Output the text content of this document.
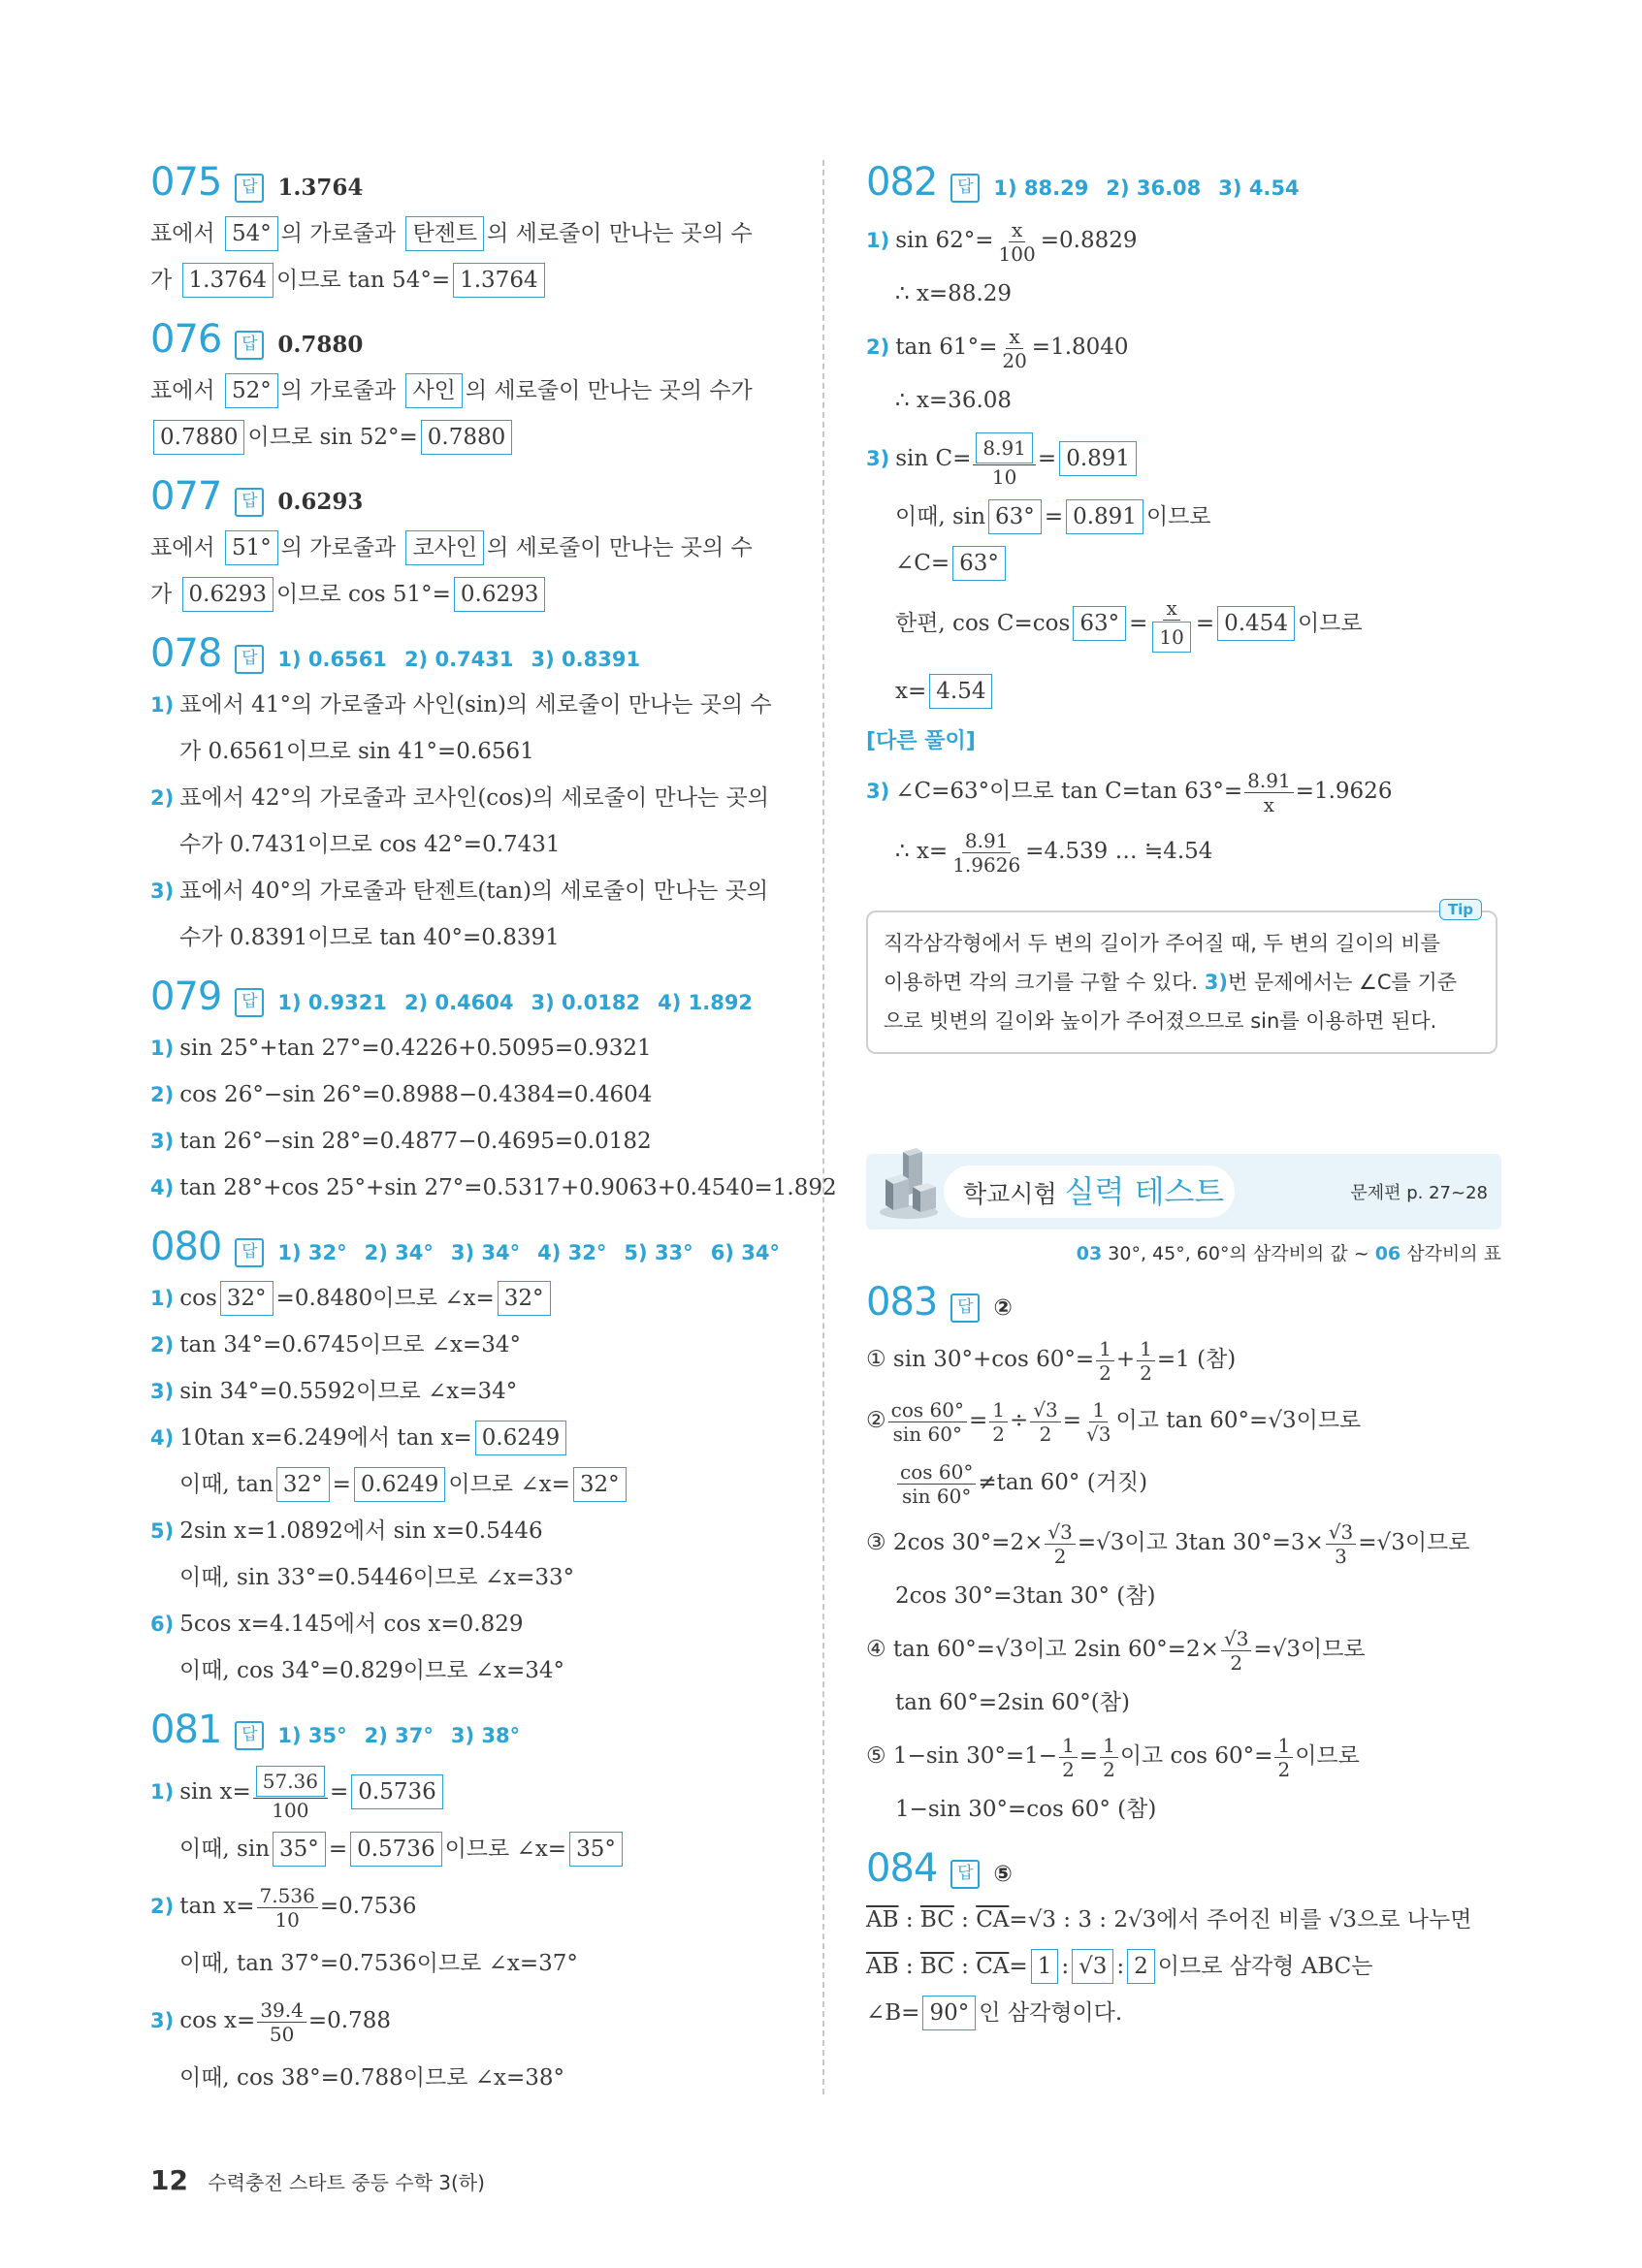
075	답 1.3764
표에서 54° 의 가로줄과 탄젠트 의 세로줄이 만나는 곳의 수
가 1.3764 이므로 tan 54°= 1.3764
076	답 0.7880
표에서 52° 의 가로줄과 사인 의 세로줄이 만나는 곳의 수가
0.7880 이므로 sin 52°= 0.7880
077	답 0.6293
표에서 51° 의 가로줄과 코사인 의 세로줄이 만나는 곳의 수
가 0.6293 이므로 cos 51°= 0.6293
078	답 1) 0.6561 2) 0.7431 3) 0.8391
1) 표에서 41°의 가로줄과 사인(sin)의 세로줄이 만나는 곳의 수
가 0.6561이므로 sin 41°=0.6561
2) 표에서 42°의 가로줄과 코사인(cos)의 세로줄이 만나는 곳의
수가 0.7431이므로 cos 42°=0.7431
3) 표에서 40°의 가로줄과 탄젠트(tan)의 세로줄이 만나는 곳의
수가 0.8391이므로 tan 40°=0.8391
079	답 1) 0.9321 2) 0.4604 3) 0.0182 4) 1.892
1) sin 25°+tan 27°=0.4226+0.5095=0.9321
2) cos 26°−sin 26°=0.8988−0.4384=0.4604
3) tan 26°−sin 28°=0.4877−0.4695=0.0182
4) tan 28°+cos 25°+sin 27°=0.5317+0.9063+0.4540=1.892
080	답 1) 32° 2) 34° 3) 34° 4) 32° 5) 33° 6) 34°
1) cos 32° =0.8480이므로 ∠x= 32°
2) tan 34°=0.6745이므로 ∠x=34°
3) sin 34°=0.5592이므로 ∠x=34°
4) 10tan x=6.249에서 tan x= 0.6249
이때, tan 32° = 0.6249 이므로 ∠x= 32°
5) 2sin x=1.0892에서 sin x=0.5446
이때, sin 33°=0.5446이므로 ∠x=33°
6) 5cos x=4.145에서 cos x=0.829
이때, cos 34°=0.829이므로 ∠x=34°
081	답 1) 35° 2) 37° 3) 38°
1) $\sin x= \frac{57.36}{100} = 0.5736$
이때, sin 35° = 0.5736 이므로 ∠x= 35°
2) $\tan x= \frac{7.536}{10} =0.7536$
이때, tan 37°=0.7536이므로 ∠x=37°
3) $\cos x= \frac{39.4}{50} =0.788$
이때, cos 38°=0.788이므로 ∠x=38°
082	답 1) 88.29 2) 36.08 3) 4.54
1) $\sin 62^\circ= \frac{x}{100} =0.8829$
∴ x=88.29
2) $\tan 61^\circ= \frac{x}{20} =1.8040$
∴ x=36.08
3) $\sin C= \frac{8.91}{10} = 0.891$
이때, sin 63° = 0.891 이므로
∠C= 63°
한편, cos C=cos $63^\circ = \frac{x}{10} = 0.454$ 이므로
x= 4.54
[다른 풀이]
3) ∠C=63°이므로 tan C=tan $63^\circ= \frac{8.91}{x} =1.9626$
∴ $x= \frac{8.91}{1.9626} =4.539$ … ≒4.54
Tip
직각삼각형에서 두 변의 길이가 주어질 때, 두 변의 길이의 비를
이용하면 각의 크기를 구할 수 있다. 3)번 문제에서는 ∠C를 기준
으로 빗변의 길이와 높이가 주어졌으므로 sin를 이용하면 된다.
학교시험 실력 테스트	문제편 p. 27~28
03 30°, 45°, 60°의 삼각비의 값 ~ 06 삼각비의 표
083	답 ②
① sin 30°+cos $60^\circ= \frac{1}{2} + \frac{1}{2} =1$ (참)
② $\frac{\cos 60^\circ}{\sin 60^\circ} = \frac{1}{2} \div \frac{√3}{2} = \frac{1}{√3}$ 이고 tan 60°=√3이므로
$\frac{\cos 60^\circ}{\sin 60^\circ} \ne\tan$ 60° (거짓)
③ 2cos $30^\circ=2\times \frac{√3}{2} =√3$이고 3tan $30^\circ=3\times \frac{√3}{3} =√3$이므로
2cos 30°=3tan 30° (참)
④ tan 60°=√3이고 2sin $60^\circ=2\times \frac{√3}{2} =√3$이므로
tan 60°=2sin 60°(참)
⑤ 1−sin $30^\circ=1- \frac{1}{2} = \frac{1}{2}$ 이고 $\cos 60^\circ= \frac{1}{2}$ 이므로
1−sin 30°=cos 60° (참)
084	답 ⑤
$\overline{AB}$ : $\overline{BC}$ : $\overline{CA}=√3$ : 3 : 2√3에서 주어진 비를 √3으로 나누면
$\overline{AB}$ : $\overline{BC}$ : $\overline{CA}= 1$ : √3 : 2 이므로 삼각형 ABC는
∠B= 90° 인 삼각형이다.
12 수력충전 스타트 중등 수학 3(하)
